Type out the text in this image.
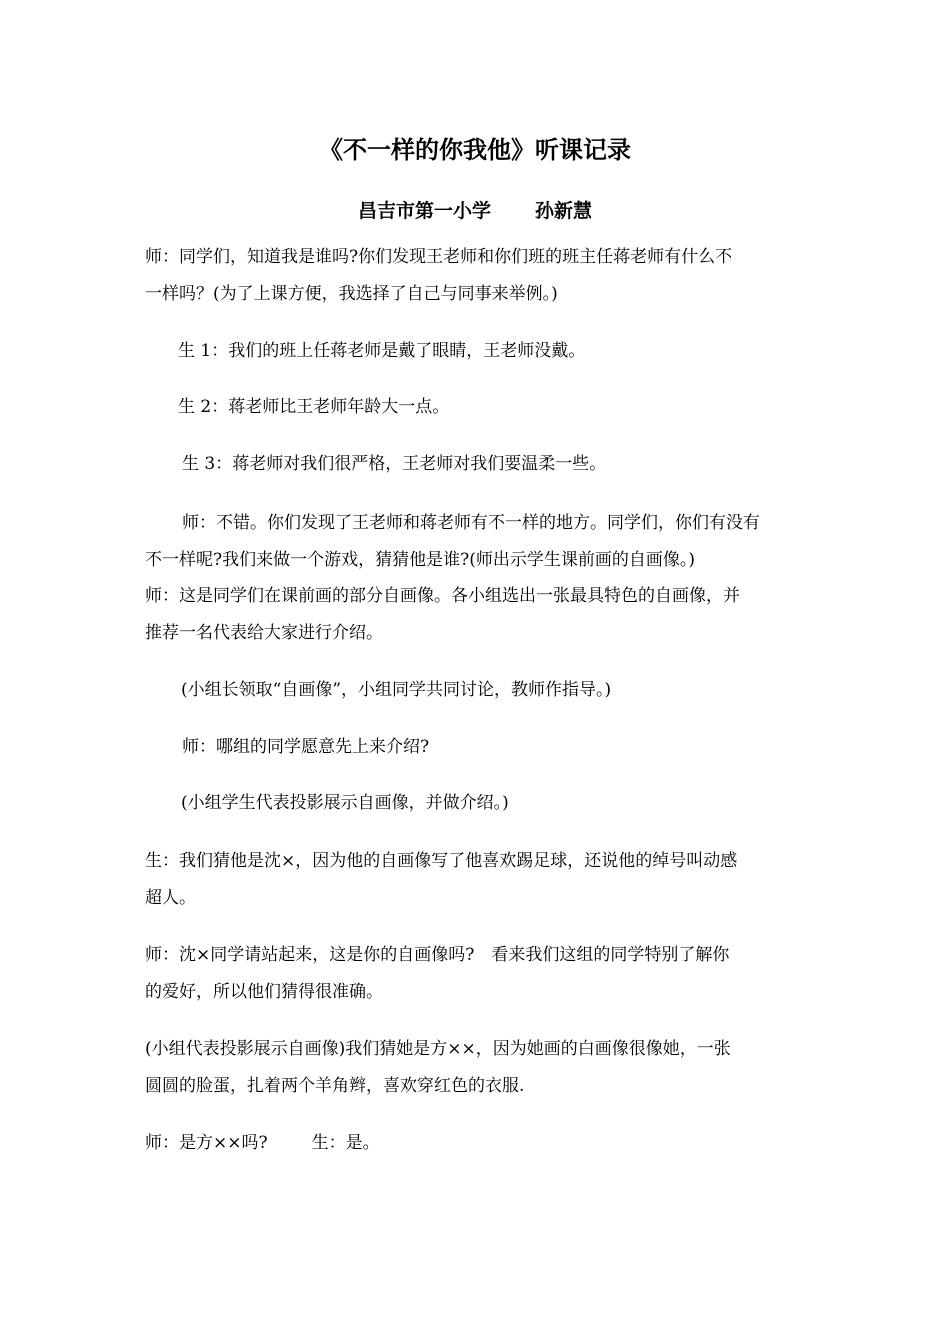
《不一样的你我他》听课记录
昌吉市第一小学 孙新慧
师：同学们，知道我是谁吗?你们发现王老师和你们班的班主任蒋老师有什么不
一样吗？(为了上课方便，我选择了自己与同事来举例。)
生 1：我们的班上任蒋老师是戴了眼睛，王老师没戴。
生 2：蒋老师比王老师年龄大一点。
生 3：蒋老师对我们很严格，王老师对我们要温柔一些。
师：不错。你们发现了王老师和蒋老师有不一样的地方。同学们，你们有没有
不一样呢?我们来做一个游戏，猜猜他是谁?(师出示学生课前画的自画像。)
师：这是同学们在课前画的部分自画像。各小组选出一张最具特色的自画像，并
推荐一名代表给大家进行介绍。
(小组长领取“自画像”，小组同学共同讨论，教师作指导。)
师：哪组的同学愿意先上来介绍?
(小组学生代表投影展示自画像，并做介绍。)
生：我们猜他是沈×，因为他的自画像写了他喜欢踢足球，还说他的绰号叫动感
超人。
师：沈×同学请站起来，这是你的自画像吗?　看来我们这组的同学特别了解你
的爱好，所以他们猜得很准确。
(小组代表投影展示自画像)我们猜她是方××，因为她画的白画像很像她，一张
圆圆的脸蛋，扎着两个羊角辫，喜欢穿红色的衣服.
师：是方××吗?	生：是。
